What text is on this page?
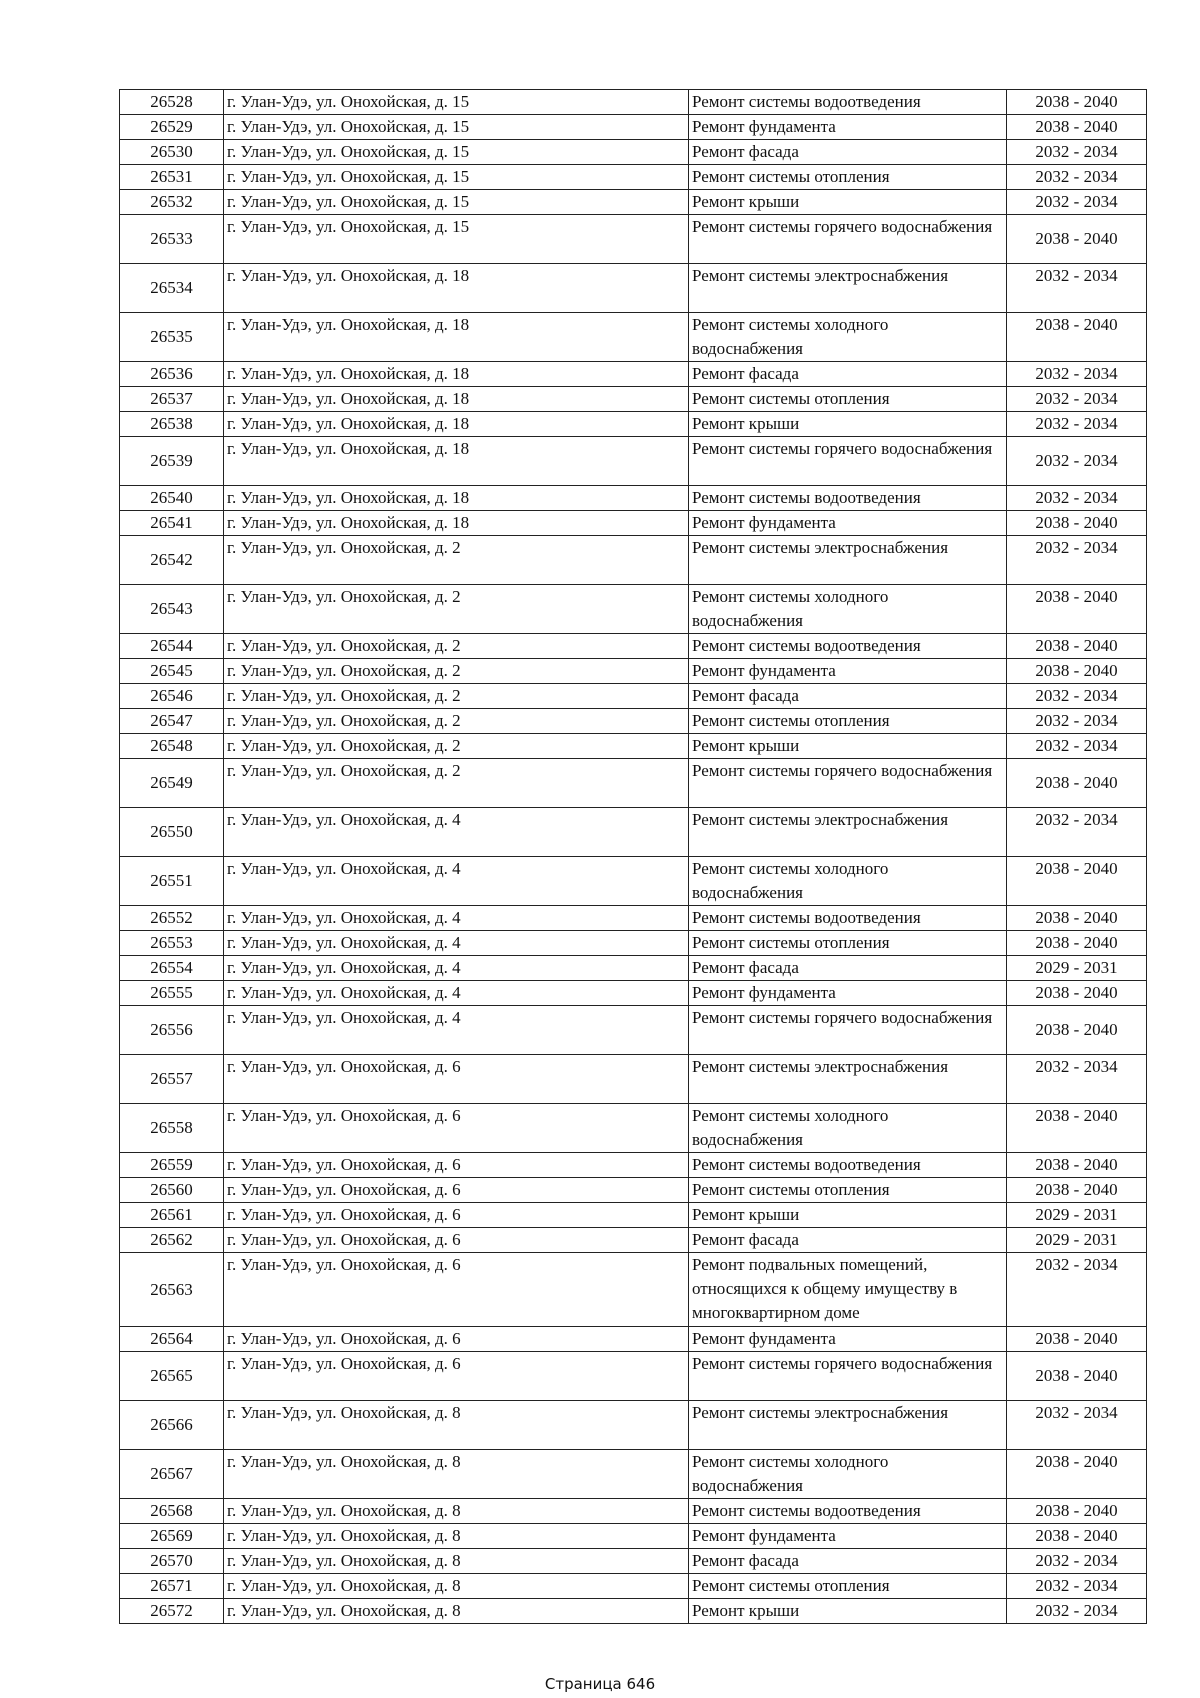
26528	г. Улан-Удэ, ул. Онохойская, д. 15	Ремонт системы водоотведения	2038 - 2040
26529	г. Улан-Удэ, ул. Онохойская, д. 15	Ремонт фундамента	2038 - 2040
26530	г. Улан-Удэ, ул. Онохойская, д. 15	Ремонт фасада	2032 - 2034
26531	г. Улан-Удэ, ул. Онохойская, д. 15	Ремонт системы отопления	2032 - 2034
26532	г. Улан-Удэ, ул. Онохойская, д. 15	Ремонт крыши	2032 - 2034
26533	г. Улан-Удэ, ул. Онохойская, д. 15	Ремонт системы горячего водоснабжения	2038 - 2040
26534	г. Улан-Удэ, ул. Онохойская, д. 18	Ремонт системы электроснабжения	2032 - 2034
26535	г. Улан-Удэ, ул. Онохойская, д. 18	Ремонт системы холодного водоснабжения	2038 - 2040
26536	г. Улан-Удэ, ул. Онохойская, д. 18	Ремонт фасада	2032 - 2034
26537	г. Улан-Удэ, ул. Онохойская, д. 18	Ремонт системы отопления	2032 - 2034
26538	г. Улан-Удэ, ул. Онохойская, д. 18	Ремонт крыши	2032 - 2034
26539	г. Улан-Удэ, ул. Онохойская, д. 18	Ремонт системы горячего водоснабжения	2032 - 2034
26540	г. Улан-Удэ, ул. Онохойская, д. 18	Ремонт системы водоотведения	2032 - 2034
26541	г. Улан-Удэ, ул. Онохойская, д. 18	Ремонт фундамента	2038 - 2040
26542	г. Улан-Удэ, ул. Онохойская, д. 2	Ремонт системы электроснабжения	2032 - 2034
26543	г. Улан-Удэ, ул. Онохойская, д. 2	Ремонт системы холодного водоснабжения	2038 - 2040
26544	г. Улан-Удэ, ул. Онохойская, д. 2	Ремонт системы водоотведения	2038 - 2040
26545	г. Улан-Удэ, ул. Онохойская, д. 2	Ремонт фундамента	2038 - 2040
26546	г. Улан-Удэ, ул. Онохойская, д. 2	Ремонт фасада	2032 - 2034
26547	г. Улан-Удэ, ул. Онохойская, д. 2	Ремонт системы отопления	2032 - 2034
26548	г. Улан-Удэ, ул. Онохойская, д. 2	Ремонт крыши	2032 - 2034
26549	г. Улан-Удэ, ул. Онохойская, д. 2	Ремонт системы горячего водоснабжения	2038 - 2040
26550	г. Улан-Удэ, ул. Онохойская, д. 4	Ремонт системы электроснабжения	2032 - 2034
26551	г. Улан-Удэ, ул. Онохойская, д. 4	Ремонт системы холодного водоснабжения	2038 - 2040
26552	г. Улан-Удэ, ул. Онохойская, д. 4	Ремонт системы водоотведения	2038 - 2040
26553	г. Улан-Удэ, ул. Онохойская, д. 4	Ремонт системы отопления	2038 - 2040
26554	г. Улан-Удэ, ул. Онохойская, д. 4	Ремонт фасада	2029 - 2031
26555	г. Улан-Удэ, ул. Онохойская, д. 4	Ремонт фундамента	2038 - 2040
26556	г. Улан-Удэ, ул. Онохойская, д. 4	Ремонт системы горячего водоснабжения	2038 - 2040
26557	г. Улан-Удэ, ул. Онохойская, д. 6	Ремонт системы электроснабжения	2032 - 2034
26558	г. Улан-Удэ, ул. Онохойская, д. 6	Ремонт системы холодного водоснабжения	2038 - 2040
26559	г. Улан-Удэ, ул. Онохойская, д. 6	Ремонт системы водоотведения	2038 - 2040
26560	г. Улан-Удэ, ул. Онохойская, д. 6	Ремонт системы отопления	2038 - 2040
26561	г. Улан-Удэ, ул. Онохойская, д. 6	Ремонт крыши	2029 - 2031
26562	г. Улан-Удэ, ул. Онохойская, д. 6	Ремонт фасада	2029 - 2031
26563	г. Улан-Удэ, ул. Онохойская, д. 6	Ремонт подвальных помещений, относящихся к общему имуществу в многоквартирном доме	2032 - 2034
26564	г. Улан-Удэ, ул. Онохойская, д. 6	Ремонт фундамента	2038 - 2040
26565	г. Улан-Удэ, ул. Онохойская, д. 6	Ремонт системы горячего водоснабжения	2038 - 2040
26566	г. Улан-Удэ, ул. Онохойская, д. 8	Ремонт системы электроснабжения	2032 - 2034
26567	г. Улан-Удэ, ул. Онохойская, д. 8	Ремонт системы холодного водоснабжения	2038 - 2040
26568	г. Улан-Удэ, ул. Онохойская, д. 8	Ремонт системы водоотведения	2038 - 2040
26569	г. Улан-Удэ, ул. Онохойская, д. 8	Ремонт фундамента	2038 - 2040
26570	г. Улан-Удэ, ул. Онохойская, д. 8	Ремонт фасада	2032 - 2034
26571	г. Улан-Удэ, ул. Онохойская, д. 8	Ремонт системы отопления	2032 - 2034
26572	г. Улан-Удэ, ул. Онохойская, д. 8	Ремонт крыши	2032 - 2034
Страница 646
